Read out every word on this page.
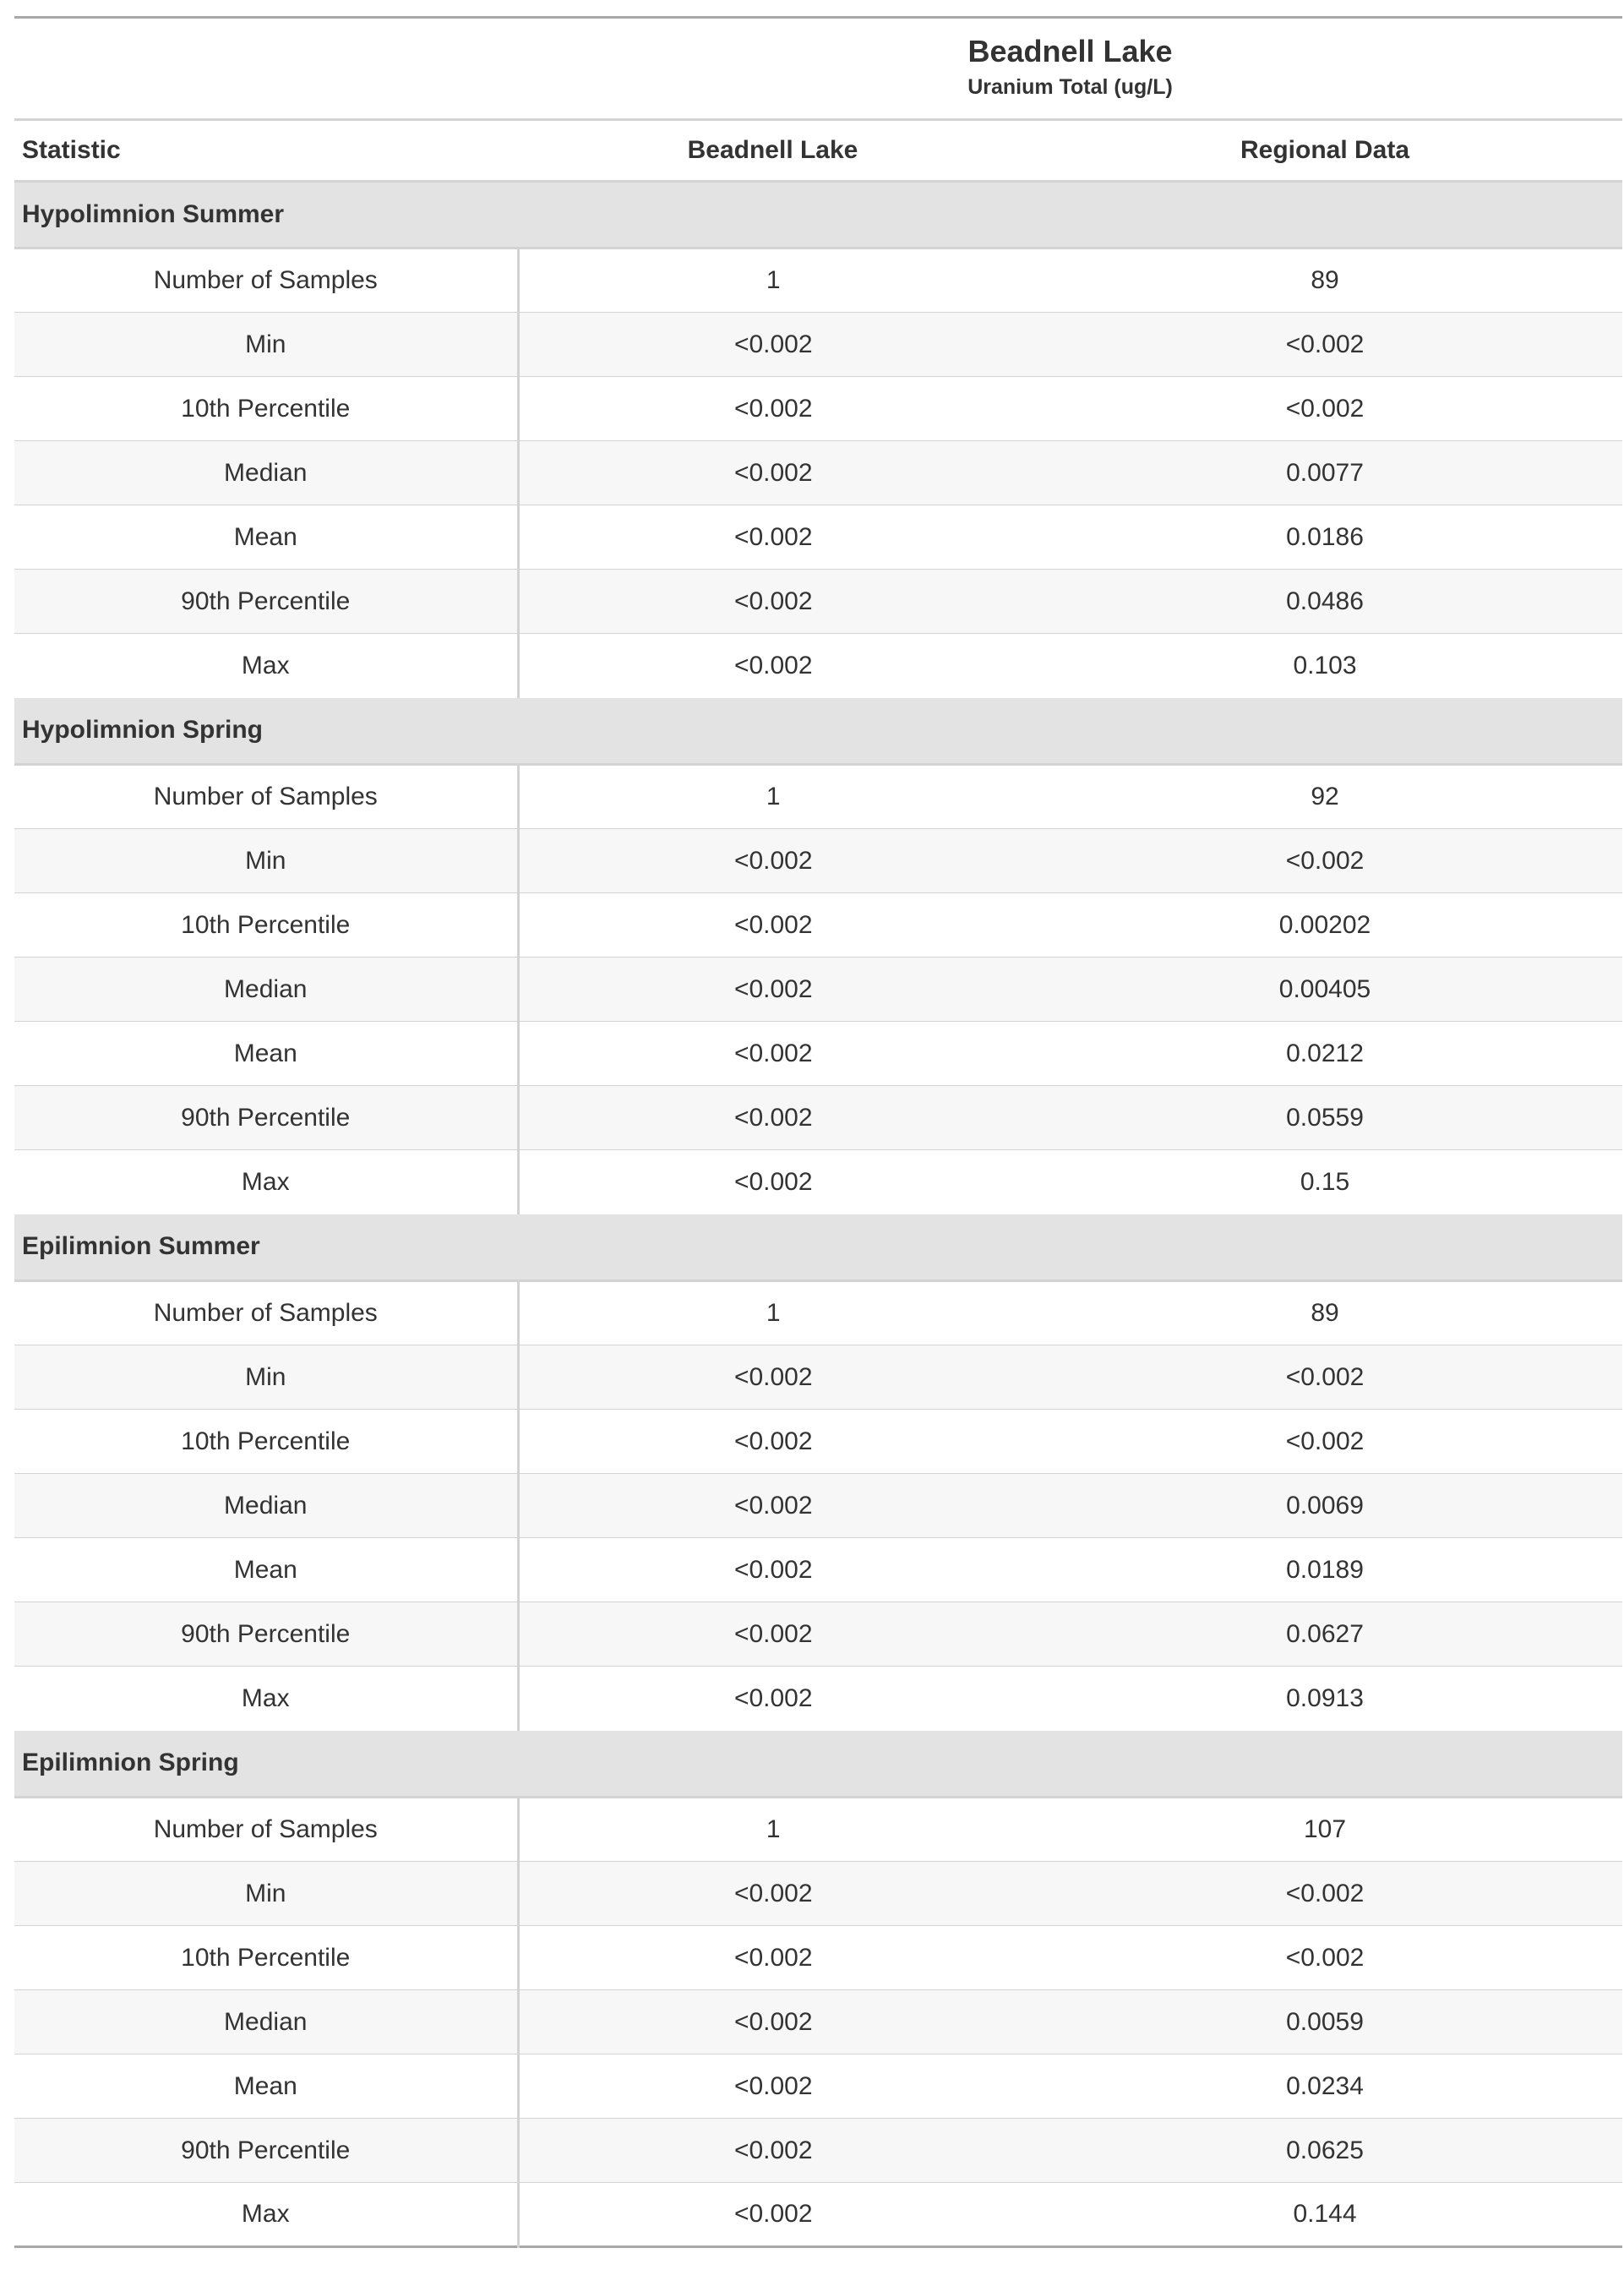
Beadnell Lake
Uranium Total (ug/L)		

Statistic	Beadnell Lake	Regional Data
Hypolimnion Summer		
Number of Samples	1	89
Min	<0.002	<0.002
10th Percentile	<0.002	<0.002
Median	<0.002	0.0077
Mean	<0.002	0.0186
90th Percentile	<0.002	0.0486
Max	<0.002	0.103
Hypolimnion Spring		
Number of Samples	1	92
Min	<0.002	<0.002
10th Percentile	<0.002	0.00202
Median	<0.002	0.00405
Mean	<0.002	0.0212
90th Percentile	<0.002	0.0559
Max	<0.002	0.15
Epilimnion Summer		
Number of Samples	1	89
Min	<0.002	<0.002
10th Percentile	<0.002	<0.002
Median	<0.002	0.0069
Mean	<0.002	0.0189
90th Percentile	<0.002	0.0627
Max	<0.002	0.0913
Epilimnion Spring		
Number of Samples	1	107
Min	<0.002	<0.002
10th Percentile	<0.002	<0.002
Median	<0.002	0.0059
Mean	<0.002	0.0234
90th Percentile	<0.002	0.0625
Max	<0.002	0.144
